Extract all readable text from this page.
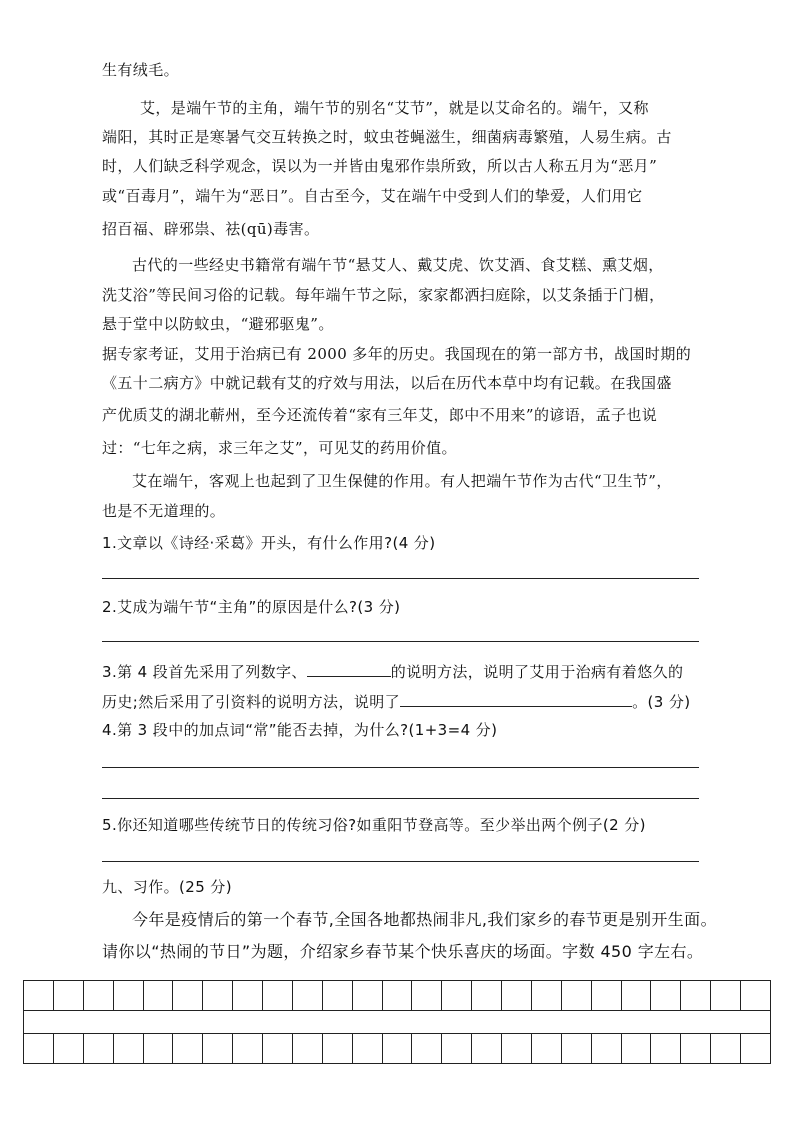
生有绒毛。
艾，是端午节的主角，端午节的别名“艾节”，就是以艾命名的。端午，又称
端阳，其时正是寒暑气交互转换之时，蚊虫苍蝇滋生，细菌病毒繁殖，人易生病。古
时，人们缺乏科学观念，误以为一并皆由鬼邪作祟所致，所以古人称五月为“恶月”
或“百毒月”，端午为“恶日”。自古至今，艾在端午中受到人们的挚爱，人们用它
招百福、辟邪祟、祛(qū)毒害。
古代的一些经史书籍常有端午节“悬艾人、戴艾虎、饮艾酒、食艾糕、熏艾烟，
洗艾浴”等民间习俗的记载。每年端午节之际，家家都洒扫庭除，以艾条插于门楣，
悬于堂中以防蚊虫，“避邪驱鬼”。
据专家考证，艾用于治病已有 2000 多年的历史。我国现在的第一部方书，战国时期的
《五十二病方》中就记载有艾的疗效与用法，以后在历代本草中均有记载。在我国盛
产优质艾的湖北蕲州，至今还流传着“家有三年艾，郎中不用来”的谚语，孟子也说
过：“七年之病，求三年之艾”，可见艾的药用价值。
艾在端午，客观上也起到了卫生保健的作用。有人把端午节作为古代“卫生节”，
也是不无道理的。
1.文章以《诗经·采葛》开头，有什么作用?(4 分)
2.艾成为端午节“主角”的原因是什么?(3 分)
3.第 4 段首先采用了列数字、	的说明方法，说明了艾用于治病有着悠久的
历史;然后采用了引资料的说明方法，说明了	。(3 分)
4.第 3 段中的加点词“常”能否去掉，为什么?(1+3=4 分)
5.你还知道哪些传统节日的传统习俗?如重阳节登高等。至少举出两个例子(2 分)
九、习作。(25 分)
今年是疫情后的第一个春节,全国各地都热闹非凡,我们家乡的春节更是别开生面。
请你以“热闹的节日”为题，介绍家乡春节某个快乐喜庆的场面。字数 450 字左右。
